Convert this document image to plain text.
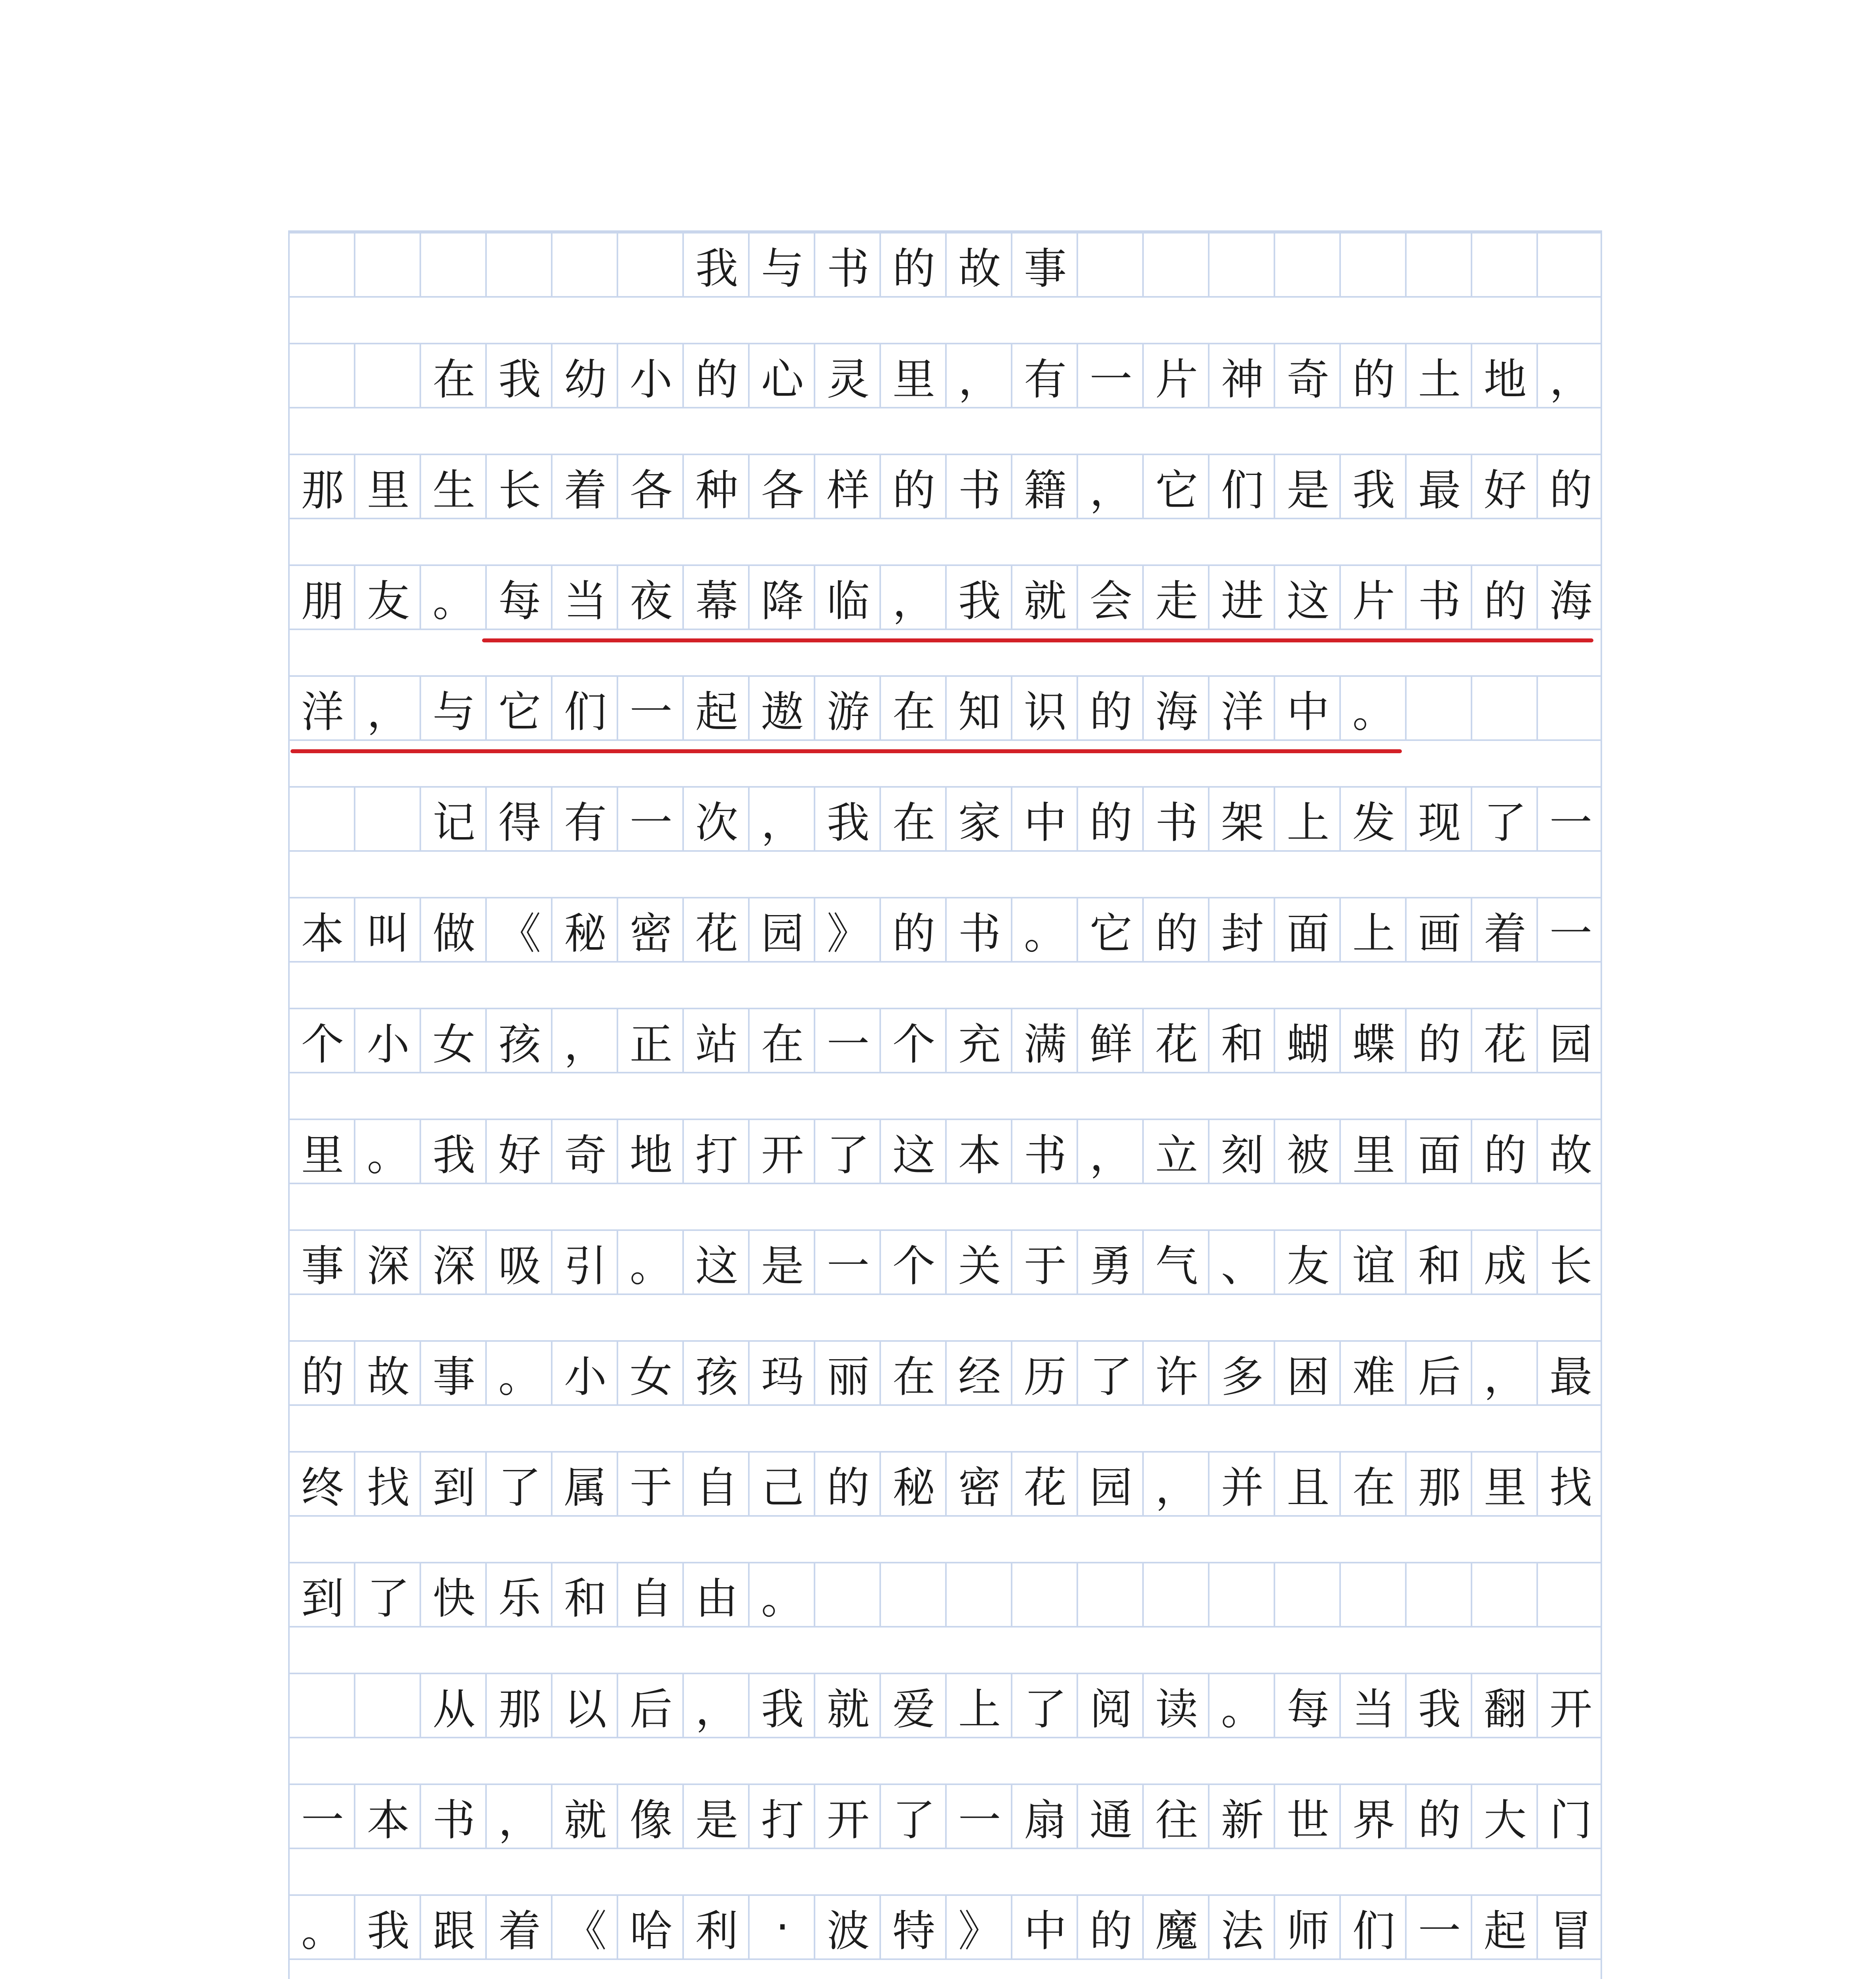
我 与 书 的 故 事
在 我 幼 小 的 心 灵 里 ， 有 一 片 神 奇 的 土 地 ，
那 里 生 长 着 各 种 各 样 的 书 籍 ， 它 们 是 我 最 好 的
朋 友 。 每 当 夜 幕 降 临 ， 我 就 会 走 进 这 片 书 的 海
洋 ， 与 它 们 一 起 遨 游 在 知 识 的 海 洋 中 。
记 得 有 一 次 ， 我 在 家 中 的 书 架 上 发 现 了 一
本 叫 做 《 秘 密 花 园 》 的 书 。 它 的 封 面 上 画 着 一
个 小 女 孩 ， 正 站 在 一 个 充 满 鲜 花 和 蝴 蝶 的 花 园
里 。 我 好 奇 地 打 开 了 这 本 书 ， 立 刻 被 里 面 的 故
事 深 深 吸 引 。 这 是 一 个 关 于 勇 气 、 友 谊 和 成 长
的 故 事 。 小 女 孩 玛 丽 在 经 历 了 许 多 困 难 后 ， 最
终 找 到 了 属 于 自 己 的 秘 密 花 园 ， 并 且 在 那 里 找
到 了 快 乐 和 自 由 。
从 那 以 后 ， 我 就 爱 上 了 阅 读 。 每 当 我 翻 开
一 本 书 ， 就 像 是 打 开 了 一 扇 通 往 新 世 界 的 大 门
。 我 跟 着 《 哈 利 · 波 特 》 中 的 魔 法 师 们 一 起 冒
